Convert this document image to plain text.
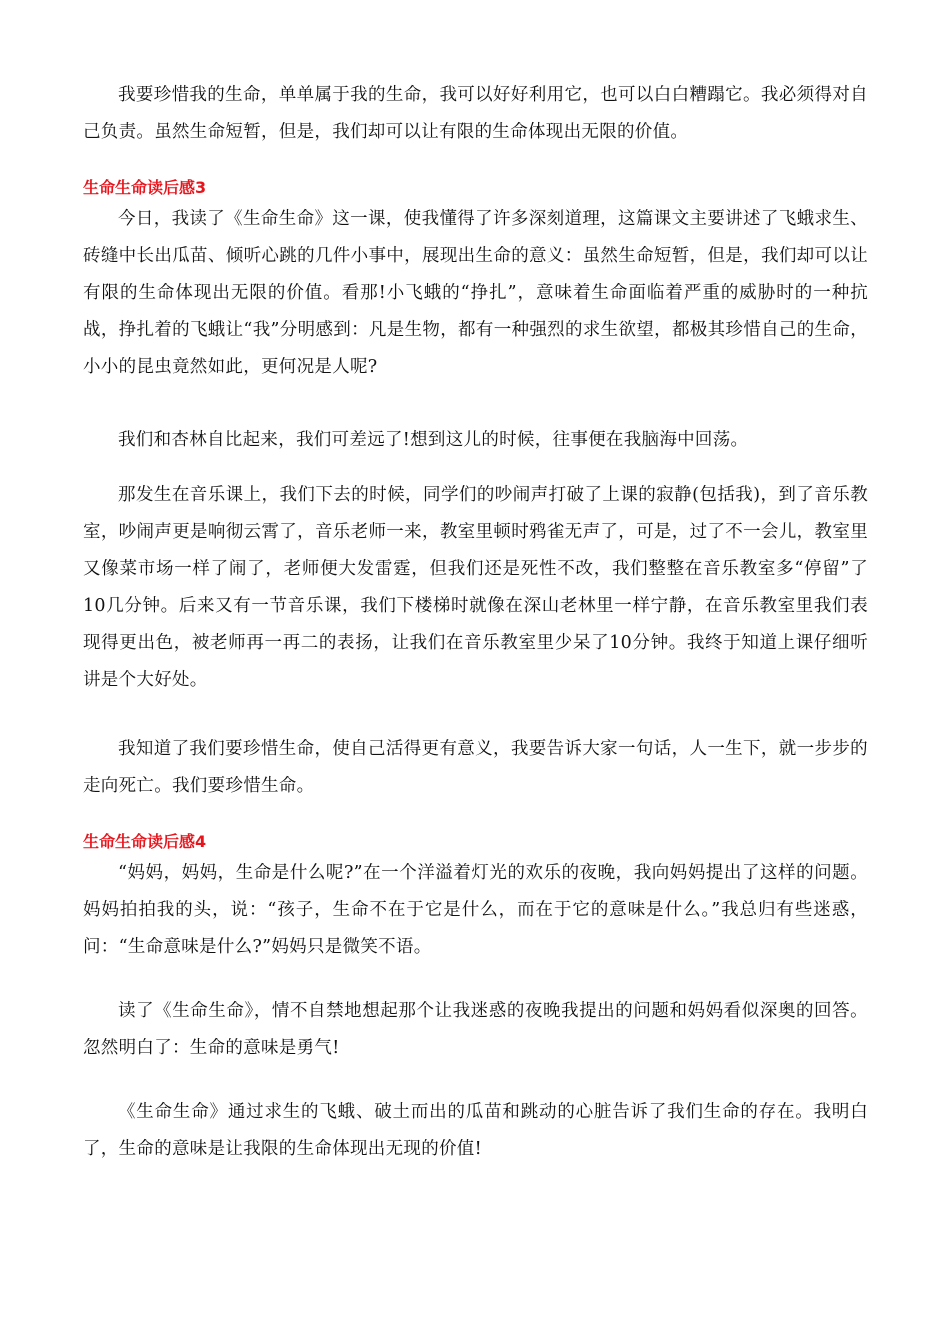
我要珍惜我的生命，单单属于我的生命，我可以好好利用它，也可以白白糟蹋它。我必须得对自己负责。虽然生命短暂，但是，我们却可以让有限的生命体现出无限的价值。

生命生命读后感3

今日，我读了《生命生命》这一课，使我懂得了许多深刻道理，这篇课文主要讲述了飞蛾求生、砖缝中长出瓜苗、倾听心跳的几件小事中，展现出生命的意义：虽然生命短暂，但是，我们却可以让有限的生命体现出无限的价值。看那!小飞蛾的“挣扎”，意味着生命面临着严重的威胁时的一种抗战，挣扎着的飞蛾让“我”分明感到：凡是生物，都有一种强烈的求生欲望，都极其珍惜自己的生命，小小的昆虫竟然如此，更何况是人呢?

我们和杏林自比起来，我们可差远了!想到这儿的时候，往事便在我脑海中回荡。

那发生在音乐课上，我们下去的时候，同学们的吵闹声打破了上课的寂静(包括我)，到了音乐教室，吵闹声更是响彻云霄了，音乐老师一来，教室里顿时鸦雀无声了，可是，过了不一会儿，教室里又像菜市场一样了闹了，老师便大发雷霆，但我们还是死性不改，我们整整在音乐教室多“停留”了10几分钟。后来又有一节音乐课，我们下楼梯时就像在深山老林里一样宁静，在音乐教室里我们表现得更出色，被老师再一再二的表扬，让我们在音乐教室里少呆了10分钟。我终于知道上课仔细听讲是个大好处。

我知道了我们要珍惜生命，使自己活得更有意义，我要告诉大家一句话，人一生下，就一步步的走向死亡。我们要珍惜生命。

生命生命读后感4

“妈妈，妈妈，生命是什么呢?”在一个洋溢着灯光的欢乐的夜晚，我向妈妈提出了这样的问题。妈妈拍拍我的头，说：“孩子，生命不在于它是什么，而在于它的意味是什么。”我总归有些迷惑，问：“生命意味是什么?”妈妈只是微笑不语。

读了《生命生命》，情不自禁地想起那个让我迷惑的夜晚我提出的问题和妈妈看似深奥的回答。忽然明白了：生命的意味是勇气!

《生命生命》通过求生的飞蛾、破土而出的瓜苗和跳动的心脏告诉了我们生命的存在。我明白了，生命的意味是让我限的生命体现出无现的价值!
